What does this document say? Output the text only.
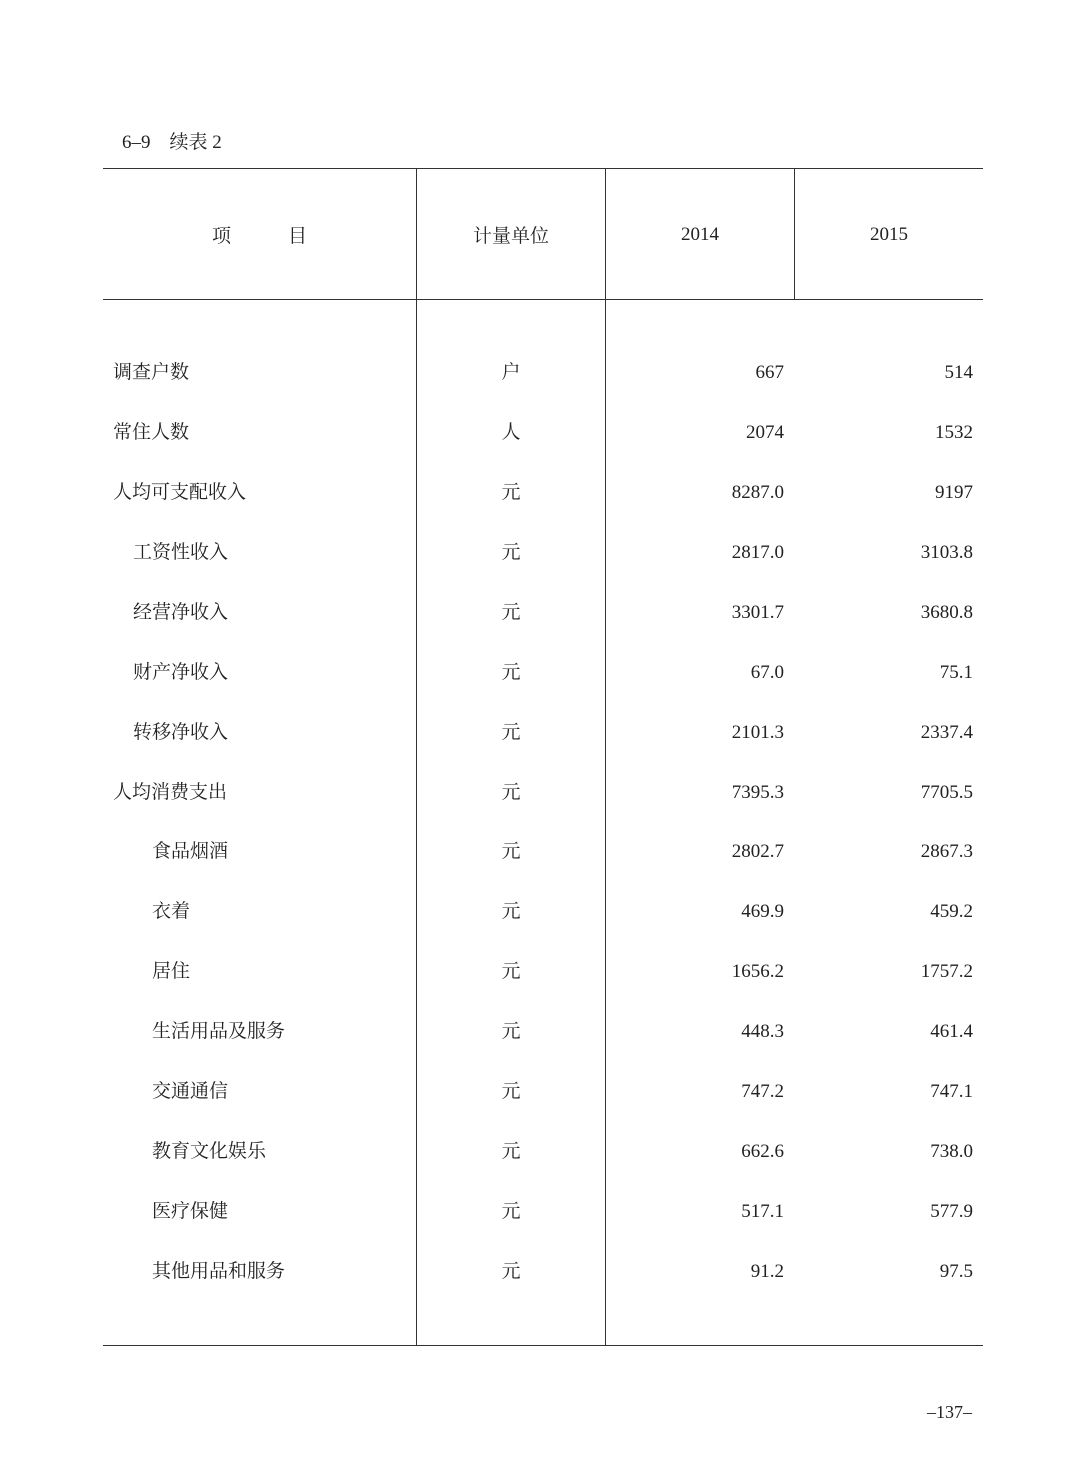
6–9　续表 2
项　　　目	计量单位	2014	2015
调查户数	户	667	514
常住人数	人	2074	1532
人均可支配收入	元	8287.0	9197
工资性收入	元	2817.0	3103.8
经营净收入	元	3301.7	3680.8
财产净收入	元	67.0	75.1
转移净收入	元	2101.3	2337.4
人均消费支出	元	7395.3	7705.5
食品烟酒	元	2802.7	2867.3
衣着	元	469.9	459.2
居住	元	1656.2	1757.2
生活用品及服务	元	448.3	461.4
交通通信	元	747.2	747.1
教育文化娱乐	元	662.6	738.0
医疗保健	元	517.1	577.9
其他用品和服务	元	91.2	97.5
–137–
